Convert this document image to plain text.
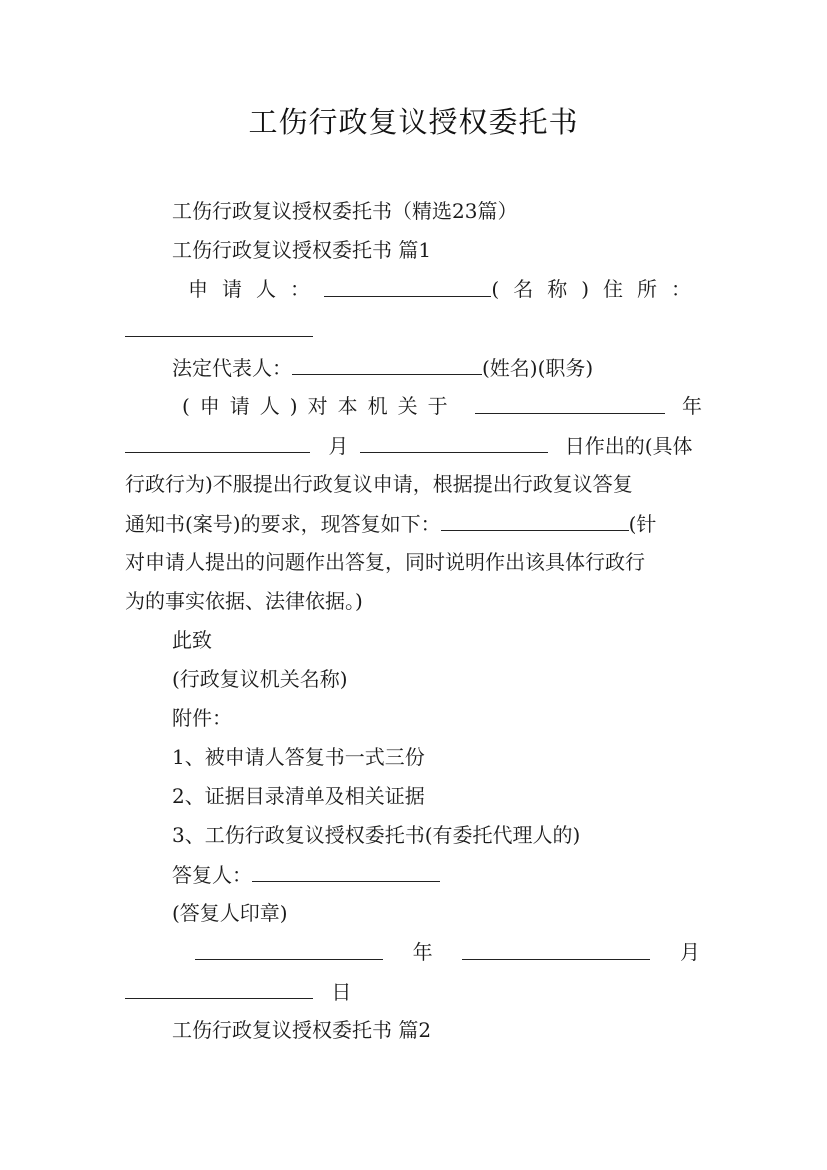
工伤行政复议授权委托书
工伤行政复议授权委托书（精选23篇）
工伤行政复议授权委托书 篇1
申请人：	(名称)住所 ：
法定代表人：	(姓名)(职务)
(申请人)对本机关于	年
月	日作出的(具体
行政行为)不服提出行政复议申请，根据提出行政复议答复
通知书(案号)的要求，现答复如下：	(针
对申请人提出的问题作出答复，同时说明作出该具体行政行
为的事实依据、法律依据。)
此致
(行政复议机关名称)
附件：
1、被申请人答复书一式三份
2、证据目录清单及相关证据
3、工伤行政复议授权委托书(有委托代理人的)
答复人：
(答复人印章)
年	月
日
工伤行政复议授权委托书 篇2
